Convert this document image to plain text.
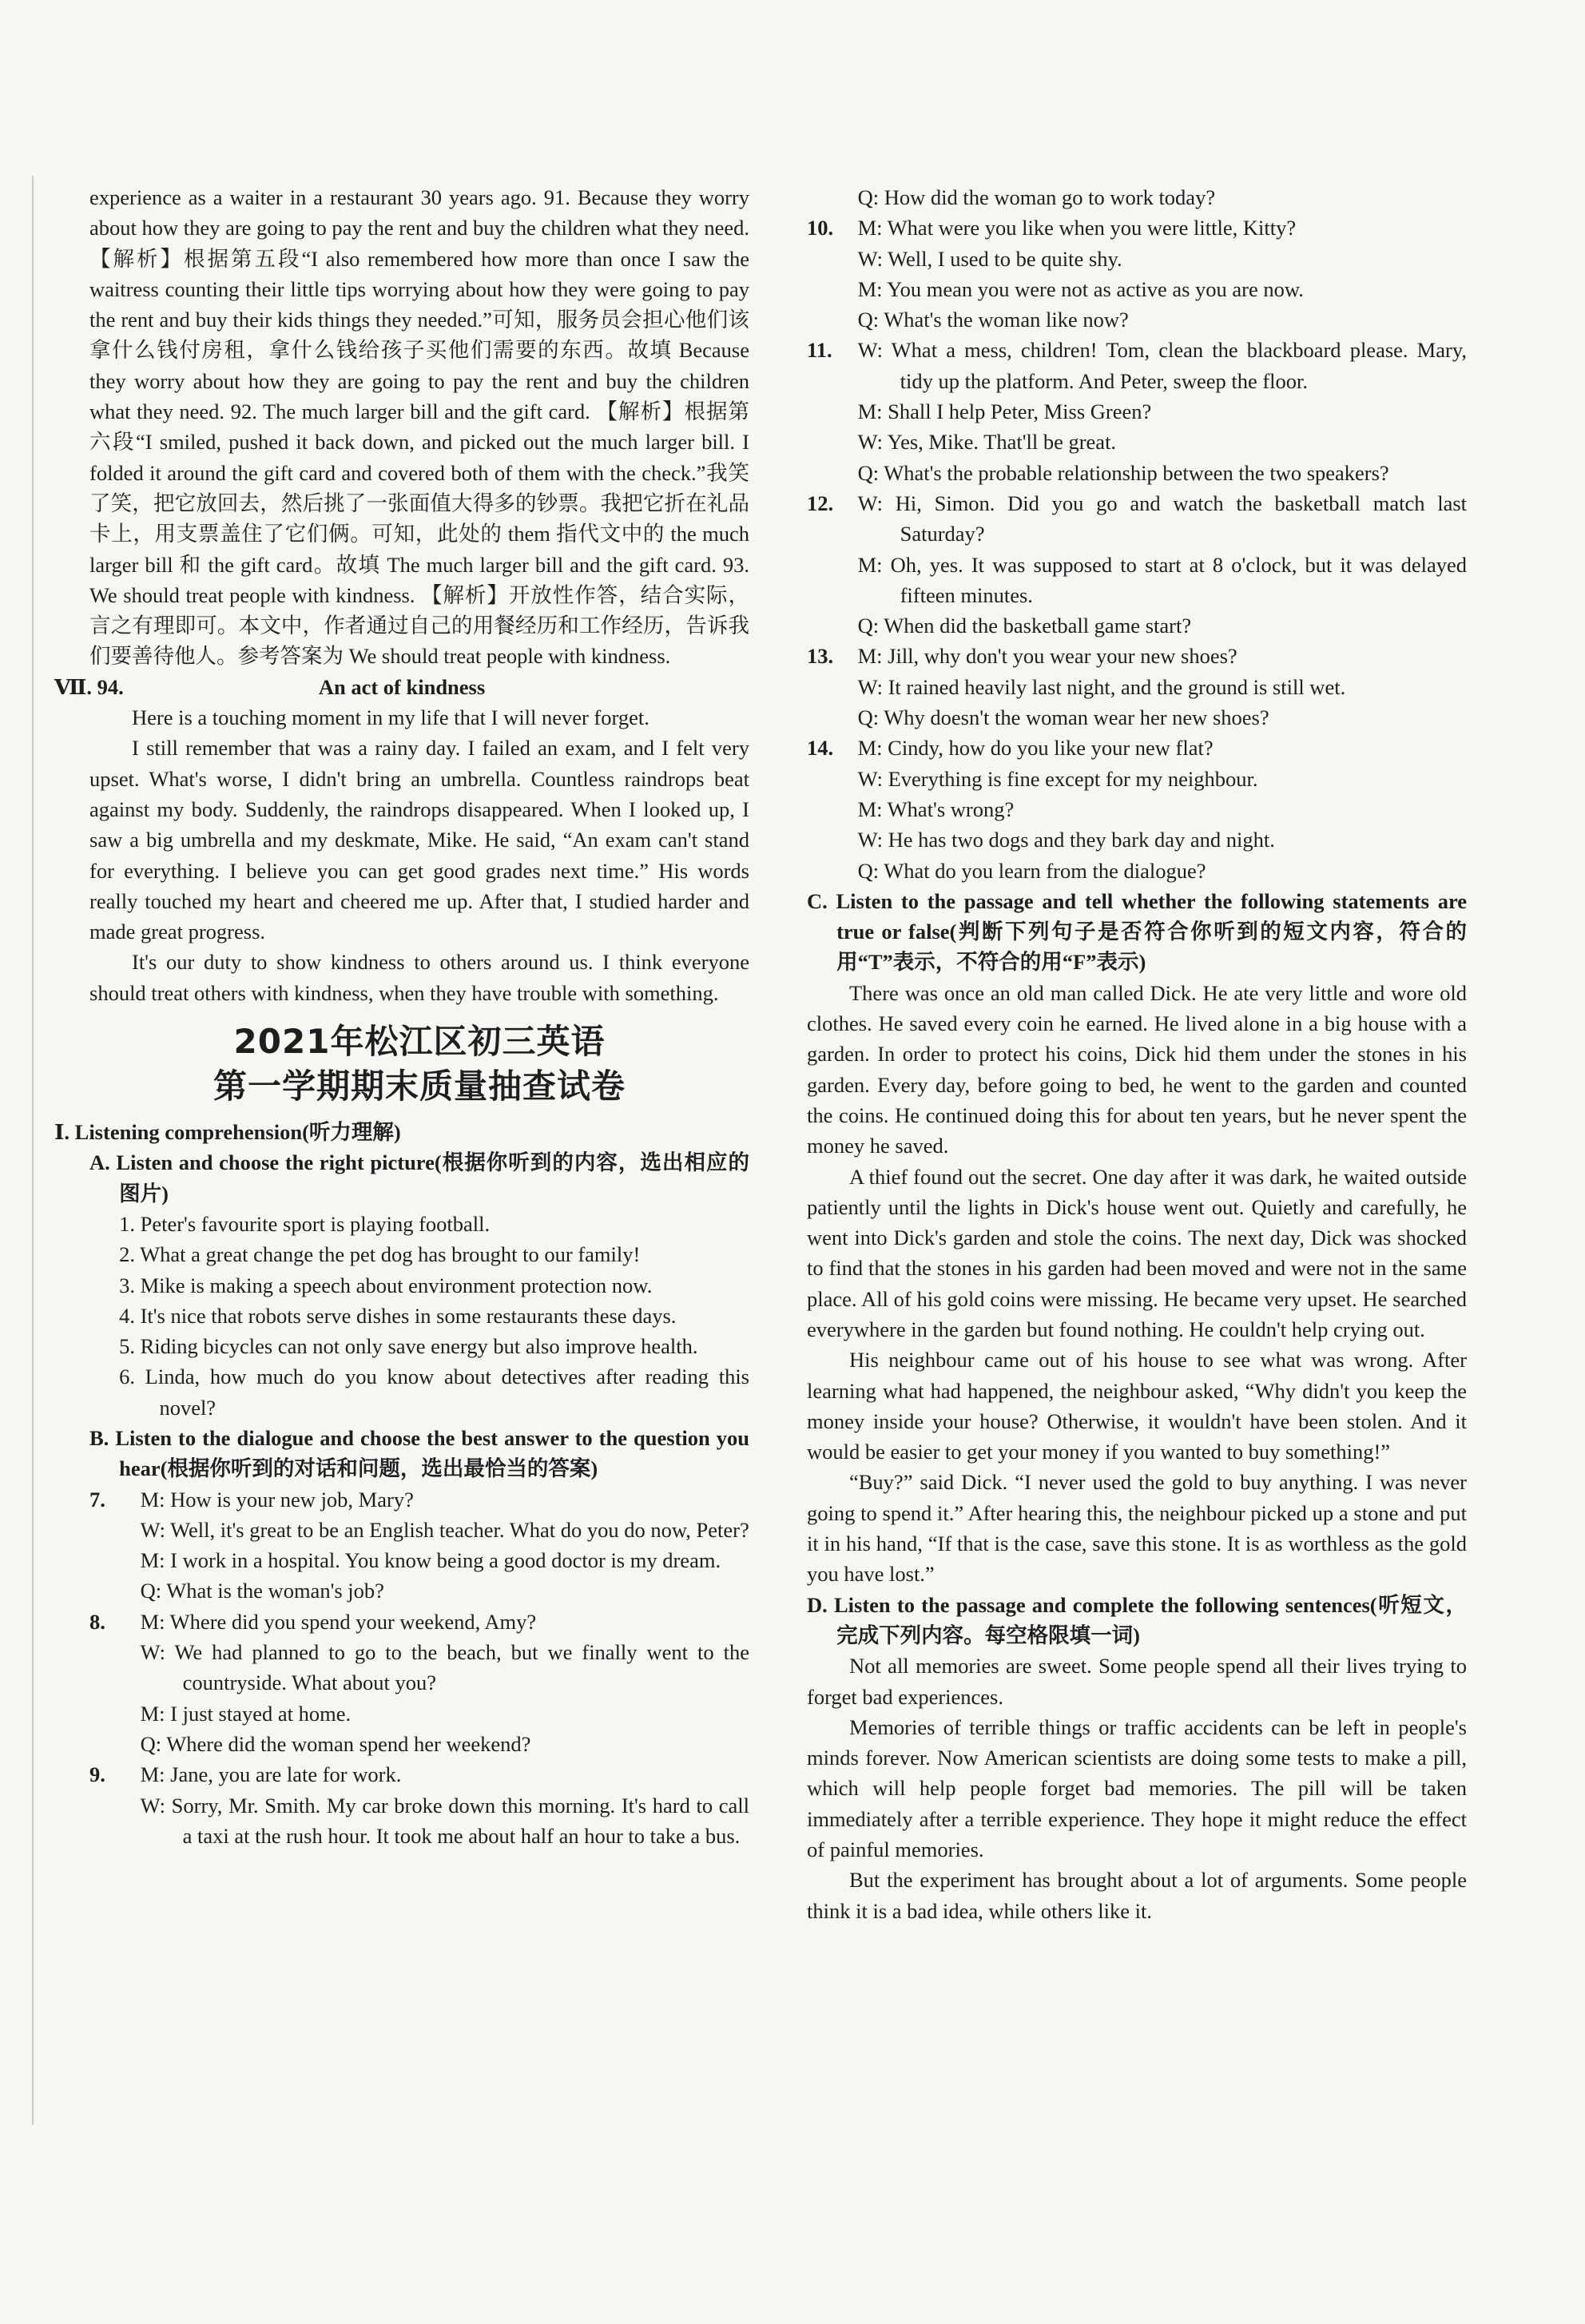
experience as a waiter in a restaurant 30 years ago. 91. Because they worry about how they are going to pay the rent and buy the children what they need. 【解析】根据第五段“I also remembered how more than once I saw the waitress counting their little tips worrying about how they were going to pay the rent and buy their kids things they needed.”可知，服务员会担心他们该拿什么钱付房租，拿什么钱给孩子买他们需要的东西。故填 Because they worry about how they are going to pay the rent and buy the children what they need. 92. The much larger bill and the gift card. 【解析】根据第六段“I smiled, pushed it back down, and picked out the much larger bill. I folded it around the gift card and covered both of them with the check.”我笑了笑，把它放回去，然后挑了一张面值大得多的钞票。我把它折在礼品卡上，用支票盖住了它们俩。可知，此处的 them 指代文中的 the much larger bill 和 the gift card。故填 The much larger bill and the gift card. 93. We should treat people with kindness. 【解析】开放性作答，结合实际，言之有理即可。本文中，作者通过自己的用餐经历和工作经历，告诉我们要善待他人。参考答案为 We should treat people with kindness.

Ⅶ. 94.	An act of kindness

Here is a touching moment in my life that I will never forget.

I still remember that was a rainy day. I failed an exam, and I felt very upset. What's worse, I didn't bring an umbrella. Countless raindrops beat against my body. Suddenly, the raindrops disappeared. When I looked up, I saw a big umbrella and my deskmate, Mike. He said, “An exam can't stand for everything. I believe you can get good grades next time.” His words really touched my heart and cheered me up. After that, I studied harder and made great progress.

It's our duty to show kindness to others around us. I think everyone should treat others with kindness, when they have trouble with something.

2021年松江区初三英语
第一学期期末质量抽查试卷

Ⅰ. Listening comprehension(听力理解)

A. Listen and choose the right picture(根据你听到的内容，选出相应的图片)

1. Peter's favourite sport is playing football.

2. What a great change the pet dog has brought to our family!

3. Mike is making a speech about environment protection now.

4. It's nice that robots serve dishes in some restaurants these days.

5. Riding bicycles can not only save energy but also improve health.

6. Linda, how much do you know about detectives after reading this novel?

B. Listen to the dialogue and choose the best answer to the question you hear(根据你听到的对话和问题，选出最恰当的答案)

7.	M: How is your new job, Mary?

W: Well, it's great to be an English teacher. What do you do now, Peter?

M: I work in a hospital. You know being a good doctor is my dream.

Q: What is the woman's job?

8.	M: Where did you spend your weekend, Amy?

W: We had planned to go to the beach, but we finally went to the countryside. What about you?

M: I just stayed at home.

Q: Where did the woman spend her weekend?

9.	M: Jane, you are late for work.

W: Sorry, Mr. Smith. My car broke down this morning. It's hard to call a taxi at the rush hour. It took me about half an hour to take a bus.

Q: How did the woman go to work today?

10.	M: What were you like when you were little, Kitty?

W: Well, I used to be quite shy.

M: You mean you were not as active as you are now.

Q: What's the woman like now?

11.	W: What a mess, children! Tom, clean the blackboard please. Mary, tidy up the platform. And Peter, sweep the floor.

M: Shall I help Peter, Miss Green?

W: Yes, Mike. That'll be great.

Q: What's the probable relationship between the two speakers?

12.	W: Hi, Simon. Did you go and watch the basketball match last Saturday?

M: Oh, yes. It was supposed to start at 8 o'clock, but it was delayed fifteen minutes.

Q: When did the basketball game start?

13.	M: Jill, why don't you wear your new shoes?

W: It rained heavily last night, and the ground is still wet.

Q: Why doesn't the woman wear her new shoes?

14.	M: Cindy, how do you like your new flat?

W: Everything is fine except for my neighbour.

M: What's wrong?

W: He has two dogs and they bark day and night.

Q: What do you learn from the dialogue?

C. Listen to the passage and tell whether the following statements are true or false(判断下列句子是否符合你听到的短文内容，符合的用“T”表示，不符合的用“F”表示)

There was once an old man called Dick. He ate very little and wore old clothes. He saved every coin he earned. He lived alone in a big house with a garden. In order to protect his coins, Dick hid them under the stones in his garden. Every day, before going to bed, he went to the garden and counted the coins. He continued doing this for about ten years, but he never spent the money he saved.

A thief found out the secret. One day after it was dark, he waited outside patiently until the lights in Dick's house went out. Quietly and carefully, he went into Dick's garden and stole the coins. The next day, Dick was shocked to find that the stones in his garden had been moved and were not in the same place. All of his gold coins were missing. He became very upset. He searched everywhere in the garden but found nothing. He couldn't help crying out.

His neighbour came out of his house to see what was wrong. After learning what had happened, the neighbour asked, “Why didn't you keep the money inside your house? Otherwise, it wouldn't have been stolen. And it would be easier to get your money if you wanted to buy something!”

“Buy?” said Dick. “I never used the gold to buy anything. I was never going to spend it.” After hearing this, the neighbour picked up a stone and put it in his hand, “If that is the case, save this stone. It is as worthless as the gold you have lost.”

D. Listen to the passage and complete the following sentences(听短文，完成下列内容。每空格限填一词)

Not all memories are sweet. Some people spend all their lives trying to forget bad experiences.

Memories of terrible things or traffic accidents can be left in people's minds forever. Now American scientists are doing some tests to make a pill, which will help people forget bad memories. The pill will be taken immediately after a terrible experience. They hope it might reduce the effect of painful memories.

But the experiment has brought about a lot of arguments. Some people think it is a bad idea, while others like it.
